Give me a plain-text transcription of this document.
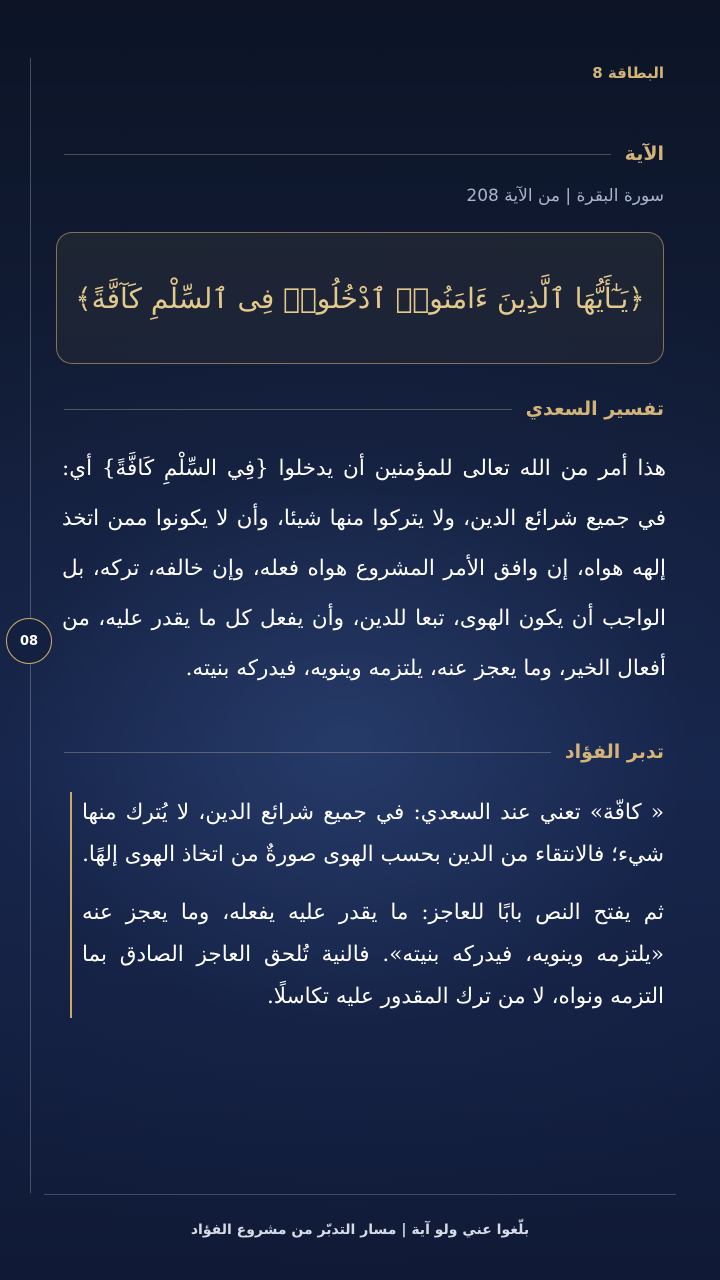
08
البطاقة 8
الآية
سورة البقرة | من الآية 208
﴿يَـٰٓأَيُّهَا ٱلَّذِينَ ءَامَنُوا۟ ٱدْخُلُوا۟ فِى ٱلسِّلْمِ كَآفَّةً﴾
تفسير السعدي
هذا أمر من الله تعالى للمؤمنين أن يدخلوا {فِي السِّلْمِ كَافَّةً} أي: في جميع شرائع الدين، ولا يتركوا منها شيئا، وأن لا يكونوا ممن اتخذ إلهه هواه، إن وافق الأمر المشروع هواه فعله، وإن خالفه، تركه، بل الواجب أن يكون الهوى، تبعا للدين، وأن يفعل كل ما يقدر عليه، من أفعال الخير، وما يعجز عنه، يلتزمه وينويه، فيدركه بنيته.
تدبر الفؤاد

« كافّة» تعني عند السعدي: في جميع شرائع الدين، لا يُترك منها شيء؛ فالانتقاء من الدين بحسب الهوى صورةٌ من اتخاذ الهوى إلهًا.

ثم يفتح النص بابًا للعاجز: ما يقدر عليه يفعله، وما يعجز عنه «يلتزمه وينويه، فيدركه بنيته». فالنية تُلحق العاجز الصادق بما التزمه ونواه، لا من ترك المقدور عليه تكاسلًا.

بلّغوا عني ولو آية | مسار التدبّر من مشروع الفؤاد
